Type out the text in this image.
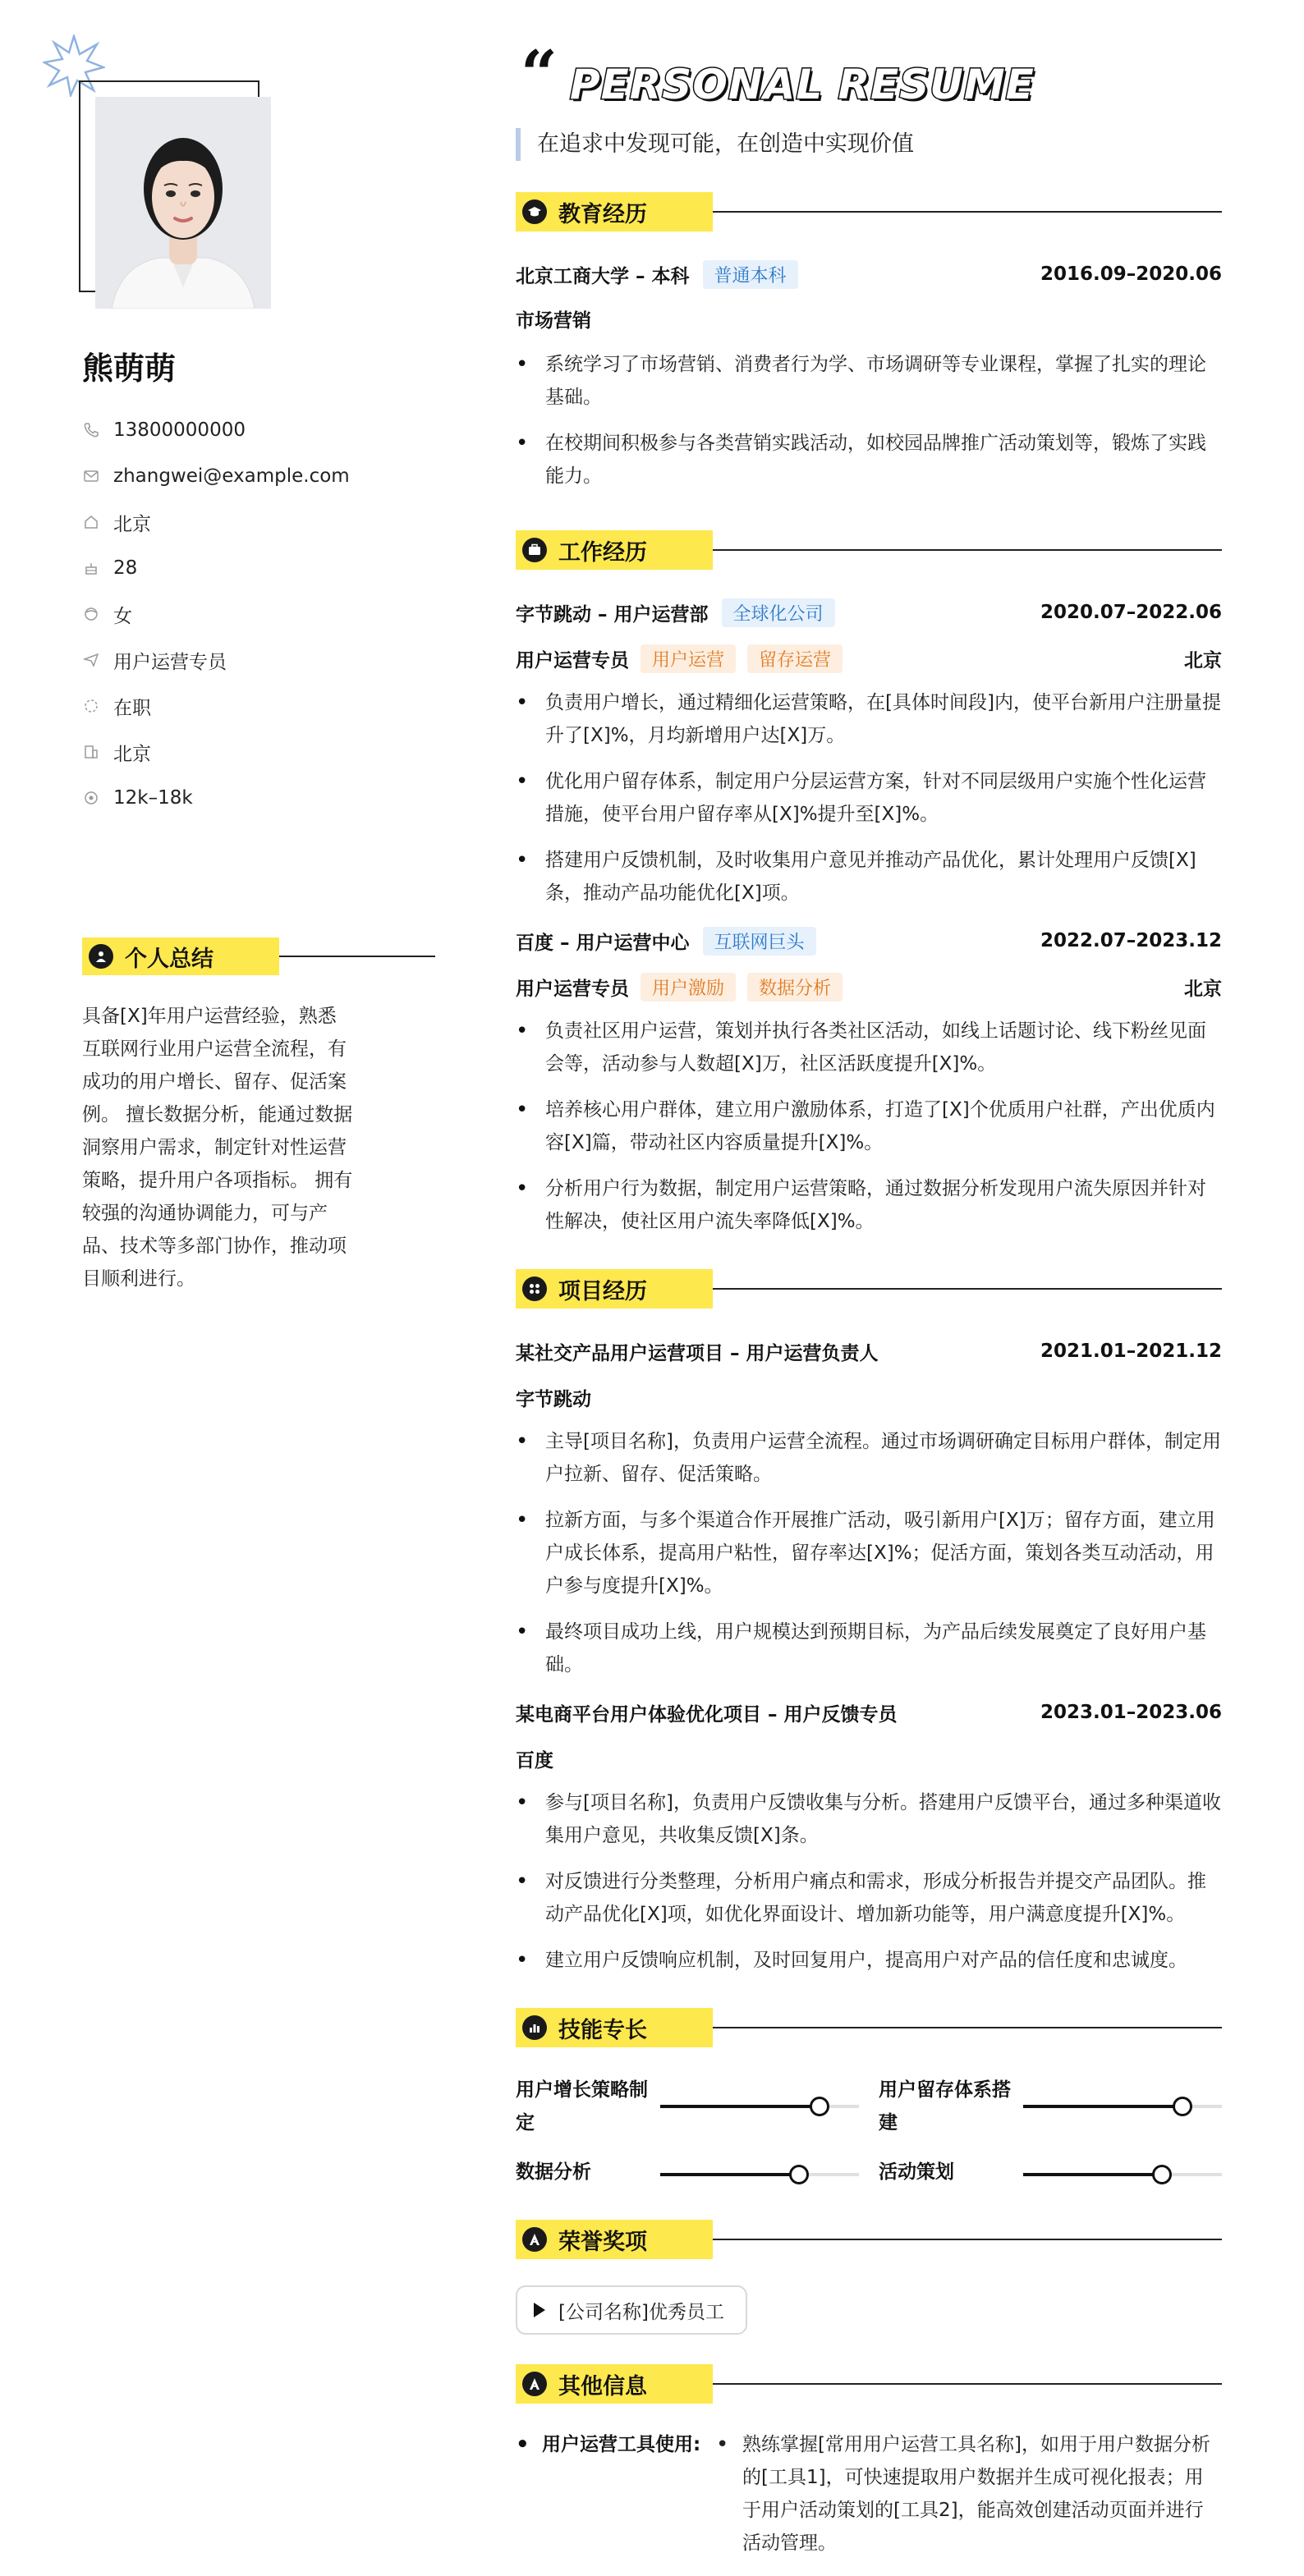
熊萌萌
13800000000
zhangwei@example.com
北京
28
女
用户运营专员
在职
北京
12k–18k
个人总结
具备[X]年用户运营经验，熟悉互联网行业用户运营全流程，有成功的用户增长、留存、促活案例。 擅长数据分析，能通过数据洞察用户需求，制定针对性运营策略，提升用户各项指标。 拥有较强的沟通协调能力，可与产品、技术等多部门协作，推动项目顺利进行。
“ PERSONAL RESUME
在追求中发现可能，在创造中实现价值
教育经历
北京工商大学 – 本科	普通本科	2016.09–2020.06
市场营销
• 系统学习了市场营销、消费者行为学、市场调研等专业课程，掌握了扎实的理论基础。
• 在校期间积极参与各类营销实践活动，如校园品牌推广活动策划等，锻炼了实践能力。
工作经历
字节跳动 – 用户运营部	全球化公司	2020.07–2022.06
用户运营专员	用户运营	留存运营	北京
• 负责用户增长，通过精细化运营策略，在[具体时间段]内，使平台新用户注册量提升了[X]%，月均新增用户达[X]万。
• 优化用户留存体系，制定用户分层运营方案，针对不同层级用户实施个性化运营措施，使平台用户留存率从[X]%提升至[X]%。
• 搭建用户反馈机制，及时收集用户意见并推动产品优化，累计处理用户反馈[X]条，推动产品功能优化[X]项。
百度 – 用户运营中心	互联网巨头	2022.07–2023.12
用户运营专员	用户激励	数据分析	北京
• 负责社区用户运营，策划并执行各类社区活动，如线上话题讨论、线下粉丝见面会等，活动参与人数超[X]万，社区活跃度提升[X]%。
• 培养核心用户群体，建立用户激励体系，打造了[X]个优质用户社群，产出优质内容[X]篇，带动社区内容质量提升[X]%。
• 分析用户行为数据，制定用户运营策略，通过数据分析发现用户流失原因并针对性解决，使社区用户流失率降低[X]%。
项目经历
某社交产品用户运营项目 – 用户运营负责人	2021.01–2021.12
字节跳动
• 主导[项目名称]，负责用户运营全流程。通过市场调研确定目标用户群体，制定用户拉新、留存、促活策略。
• 拉新方面，与多个渠道合作开展推广活动，吸引新用户[X]万；留存方面，建立用户成长体系，提高用户粘性，留存率达[X]%；促活方面，策划各类互动活动，用户参与度提升[X]%。
• 最终项目成功上线，用户规模达到预期目标，为产品后续发展奠定了良好用户基础。
某电商平台用户体验优化项目 – 用户反馈专员	2023.01–2023.06
百度
• 参与[项目名称]，负责用户反馈收集与分析。搭建用户反馈平台，通过多种渠道收集用户意见，共收集反馈[X]条。
• 对反馈进行分类整理，分析用户痛点和需求，形成分析报告并提交产品团队。推动产品优化[X]项，如优化界面设计、增加新功能等，用户满意度提升[X]%。
• 建立用户反馈响应机制，及时回复用户，提高用户对产品的信任度和忠诚度。
技能专长
用户增长策略制定
用户留存体系搭建
数据分析	活动策划
荣誉奖项
[公司名称]优秀员工
其他信息
• 用户运营工具使用:
•	熟练掌握[常用用户运营工具名称]，如用于用户数据分析的[工具1]，可快速提取用户数据并生成可视化报表；用于用户活动策划的[工具2]，能高效创建活动页面并进行活动管理。
